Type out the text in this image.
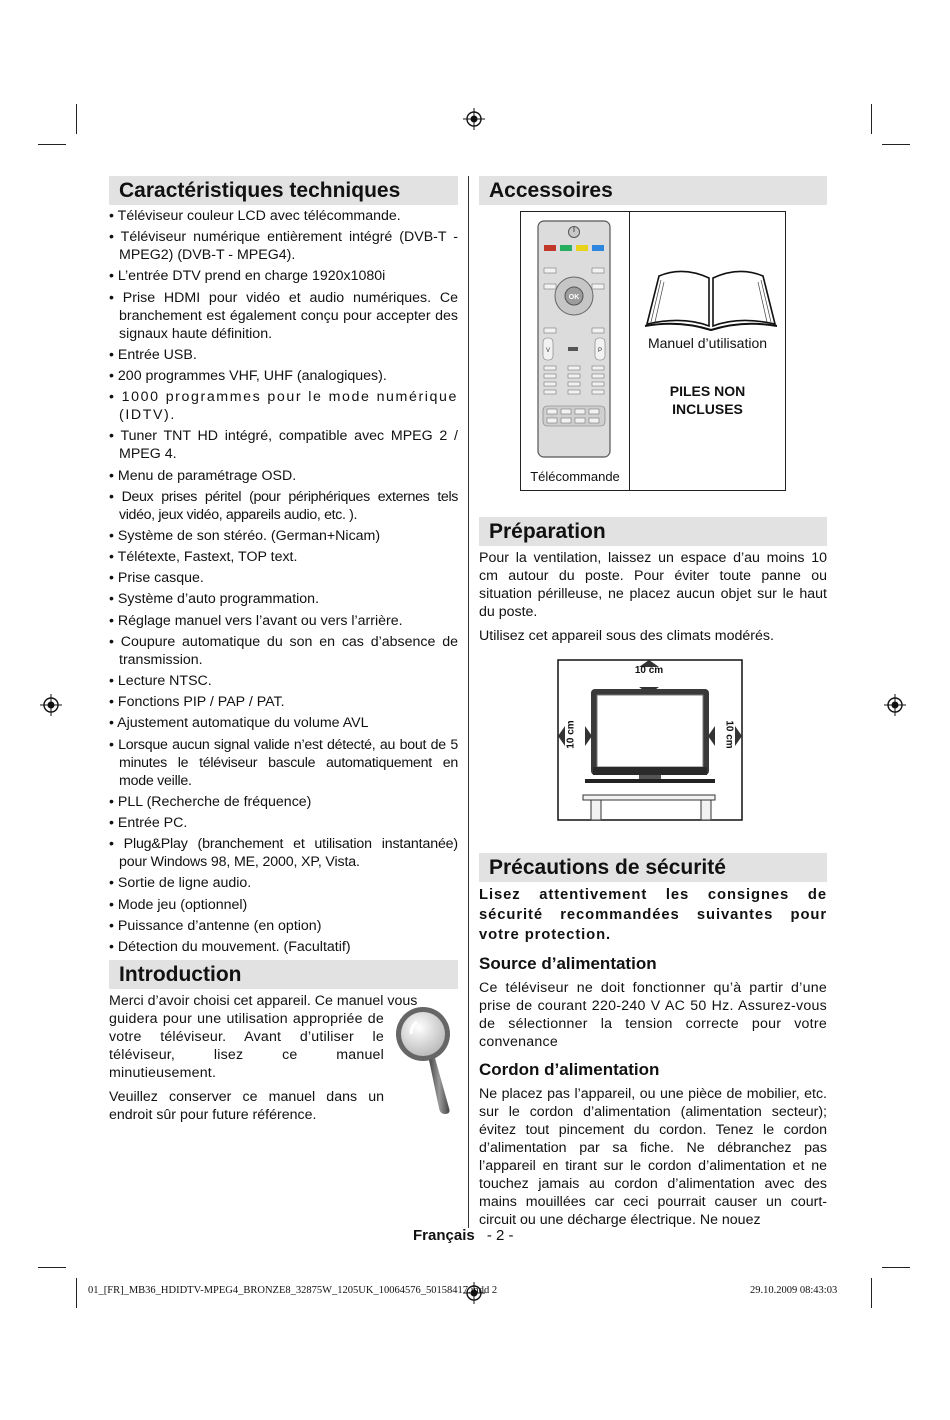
Caractéristiques techniques
• Téléviseur couleur LCD avec télécommande.
• Téléviseur numérique entièrement intégré (DVB-T - MPEG2) (DVB-T - MPEG4).
• L’entrée DTV prend en charge 1920x1080i
• Prise HDMI pour vidéo et audio numériques. Ce branchement est également conçu pour accepter des signaux haute définition.
• Entrée USB.
• 200 programmes VHF, UHF (analogiques).
• 1000 programmes pour le mode numérique (IDTV).
• Tuner TNT HD intégré, compatible avec MPEG 2 / MPEG 4.
• Menu de paramétrage OSD.
• Deux prises péritel (pour périphériques externes tels vidéo, jeux vidéo, appareils audio, etc. ).
• Système de son stéréo. (German+Nicam)
• Télétexte, Fastext, TOP text.
• Prise casque.
• Système d’auto programmation.
• Réglage manuel vers l’avant ou vers l’arrière.
• Coupure automatique du son en cas d’absence de transmission.
• Lecture NTSC.
• Fonctions PIP / PAP / PAT.
• Ajustement automatique du volume AVL
• Lorsque aucun signal valide n’est détecté, au bout de 5 minutes le téléviseur bascule automatiquement en mode veille.
• PLL (Recherche de fréquence)
• Entrée PC.
• Plug&Play (branchement et utilisation instantanée) pour Windows 98, ME, 2000, XP, Vista.
• Sortie de ligne audio.
• Mode jeu (optionnel)
• Puissance d’antenne (en option)
• Détection du mouvement. (Facultatif)
Introduction

Merci d’avoir choisi cet appareil. Ce manuel vous

guidera pour une utilisation appropriée de votre téléviseur. Avant d’utiliser le téléviseur, lisez ce manuel minutieusement.

Veuillez conserver ce manuel dans un endroit sûr pour future référence.

Accessoires
OK
V	P
Télécommande
Manuel d’utilisation
PILES NON
INCLUSES
Préparation

Pour la ventilation, laissez un espace d’au moins 10 cm autour du poste. Pour éviter toute panne ou situation périlleuse, ne placez aucun objet sur le haut du poste.

Utilisez cet appareil sous des climats modérés.

10 cm
10 cm	10 cm
Précautions de sécurité

Lisez attentivement les consignes de sécurité recommandées suivantes pour votre protection.

Source d’alimentation

Ce téléviseur ne doit fonctionner qu’à partir d’une prise de courant 220-240 V AC 50 Hz. Assurez-vous de sélectionner la tension correcte pour votre convenance

Cordon d’alimentation

Ne placez pas l’appareil, ou une pièce de mobilier, etc. sur le cordon d’alimentation (alimentation secteur); évitez tout pincement du cordon. Tenez le cordon d’alimentation par sa fiche. Ne débranchez pas l’appareil en tirant sur le cordon d’alimentation et ne touchez jamais au cordon d’alimentation avec des mains mouillées car ceci pourrait causer un court-circuit ou une décharge électrique. Ne nouez

Français - 2 -
01_[FR]_MB36_HDIDTV-MPEG4_BRONZE8_32875W_1205UK_10064576_50158417.indd 2	29.10.2009 08:43:03
